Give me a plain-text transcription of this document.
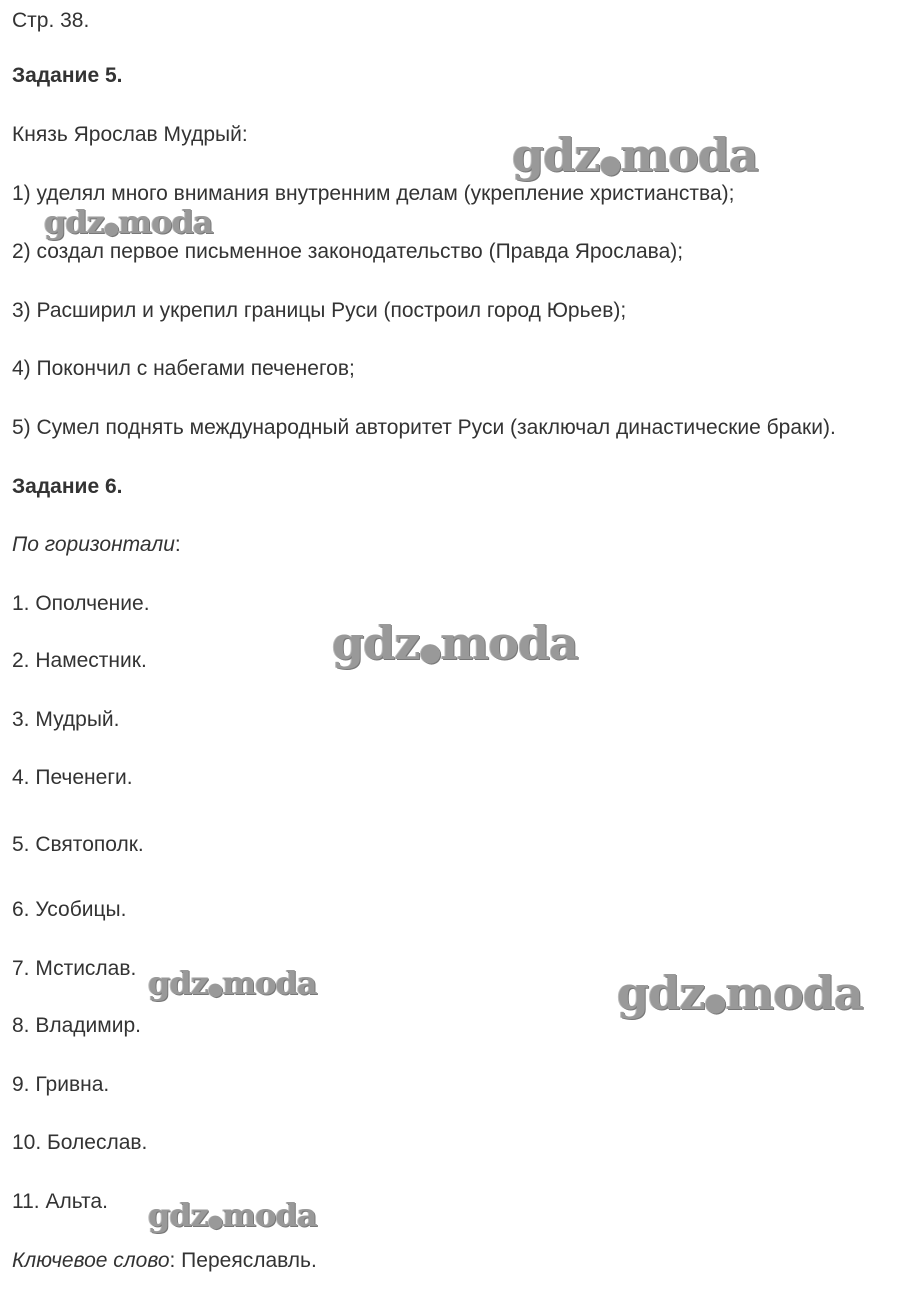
Стр. 38.

Задание 5.

Князь Ярослав Мудрый:

1) уделял много внимания внутренним делам (укрепление христианства);

2) создал первое письменное законодательство (Правда Ярослава);

3) Расширил и укрепил границы Руси (построил город Юрьев);

4) Покончил с набегами печенегов;

5) Сумел поднять международный авторитет Руси (заключал династические браки).

Задание 6.

По горизонтали:

1. Ополчение.

2. Наместник.

3. Мудрый.

4. Печенеги.

5. Святополк.

6. Усобицы.

7. Мстислав.

8. Владимир.

9. Гривна.

10. Болеслав.

11. Альта.

Ключевое слово: Переяславль.

gdz●moda
gdz●moda
gdz●moda
gdz●moda	gdz●moda
gdz●moda
